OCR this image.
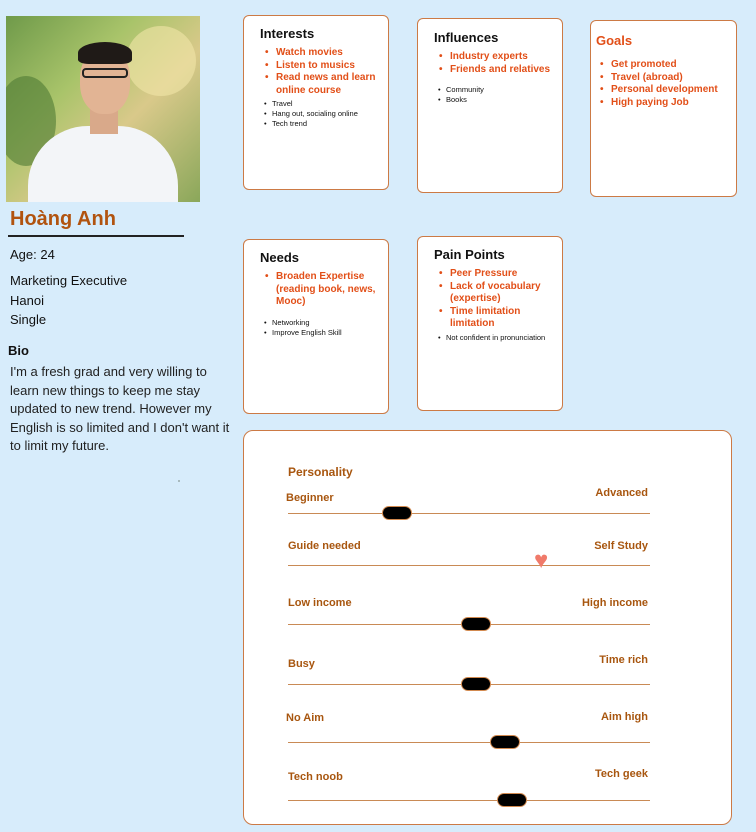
Hoàng Anh
Age: 24
Marketing Executive
Hanoi
Single
Bio
I'm a fresh grad and very willing to learn new things to keep me stay updated to new trend. However my English is so limited and I don't want it to limit my future.
Interests
• Watch movies
• Listen to musics
• Read news and learn online course
• Travel
• Hang out, socialing online
• Tech trend
Influences
• Industry experts
• Friends and relatives
• Community
• Books
Goals
• Get promoted
• Travel (abroad)
• Personal development
• High paying Job
Needs
• Broaden Expertise (reading book, news, Mooc)
• Networking
• Improve English Skill
Pain Points
• Peer Pressure
• Lack of vocabulary (expertise)
• Time limitation limitation
• Not confident in pronunciation
Personality
Beginner	Advanced
Guide needed	Self Study
♥
Low income	High income
Busy	Time rich
No Aim	Aim high
Tech noob	Tech geek
